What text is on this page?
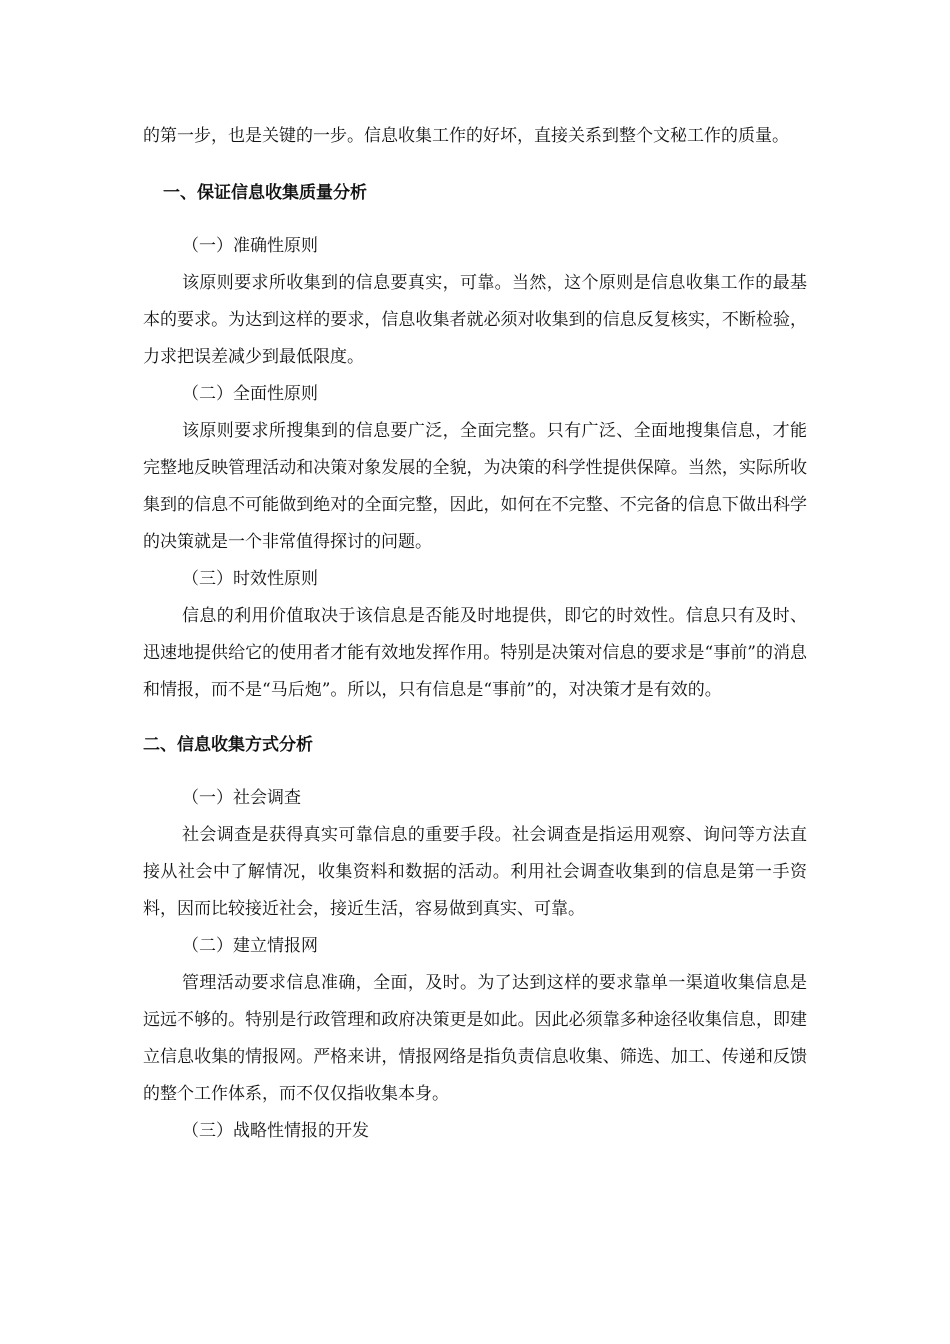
的第一步，也是关键的一步。信息收集工作的好坏，直接关系到整个文秘工作的质量。

一、保证信息收集质量分析

（一）准确性原则

该原则要求所收集到的信息要真实，可靠。当然，这个原则是信息收集工作的最基本的要求。为达到这样的要求，信息收集者就必须对收集到的信息反复核实，不断检验，力求把误差减少到最低限度。

（二）全面性原则

该原则要求所搜集到的信息要广泛，全面完整。只有广泛、全面地搜集信息，才能完整地反映管理活动和决策对象发展的全貌，为决策的科学性提供保障。当然，实际所收集到的信息不可能做到绝对的全面完整，因此，如何在不完整、不完备的信息下做出科学的决策就是一个非常值得探讨的问题。

（三）时效性原则

信息的利用价值取决于该信息是否能及时地提供，即它的时效性。信息只有及时、迅速地提供给它的使用者才能有效地发挥作用。特别是决策对信息的要求是“事前”的消息和情报，而不是“马后炮”。所以，只有信息是“事前”的，对决策才是有效的。

二、信息收集方式分析

（一）社会调查

社会调查是获得真实可靠信息的重要手段。社会调查是指运用观察、询问等方法直接从社会中了解情况，收集资料和数据的活动。利用社会调查收集到的信息是第一手资料，因而比较接近社会，接近生活，容易做到真实、可靠。

（二）建立情报网

管理活动要求信息准确，全面，及时。为了达到这样的要求靠单一渠道收集信息是远远不够的。特别是行政管理和政府决策更是如此。因此必须靠多种途径收集信息，即建立信息收集的情报网。严格来讲，情报网络是指负责信息收集、筛选、加工、传递和反馈的整个工作体系，而不仅仅指收集本身。

（三）战略性情报的开发
